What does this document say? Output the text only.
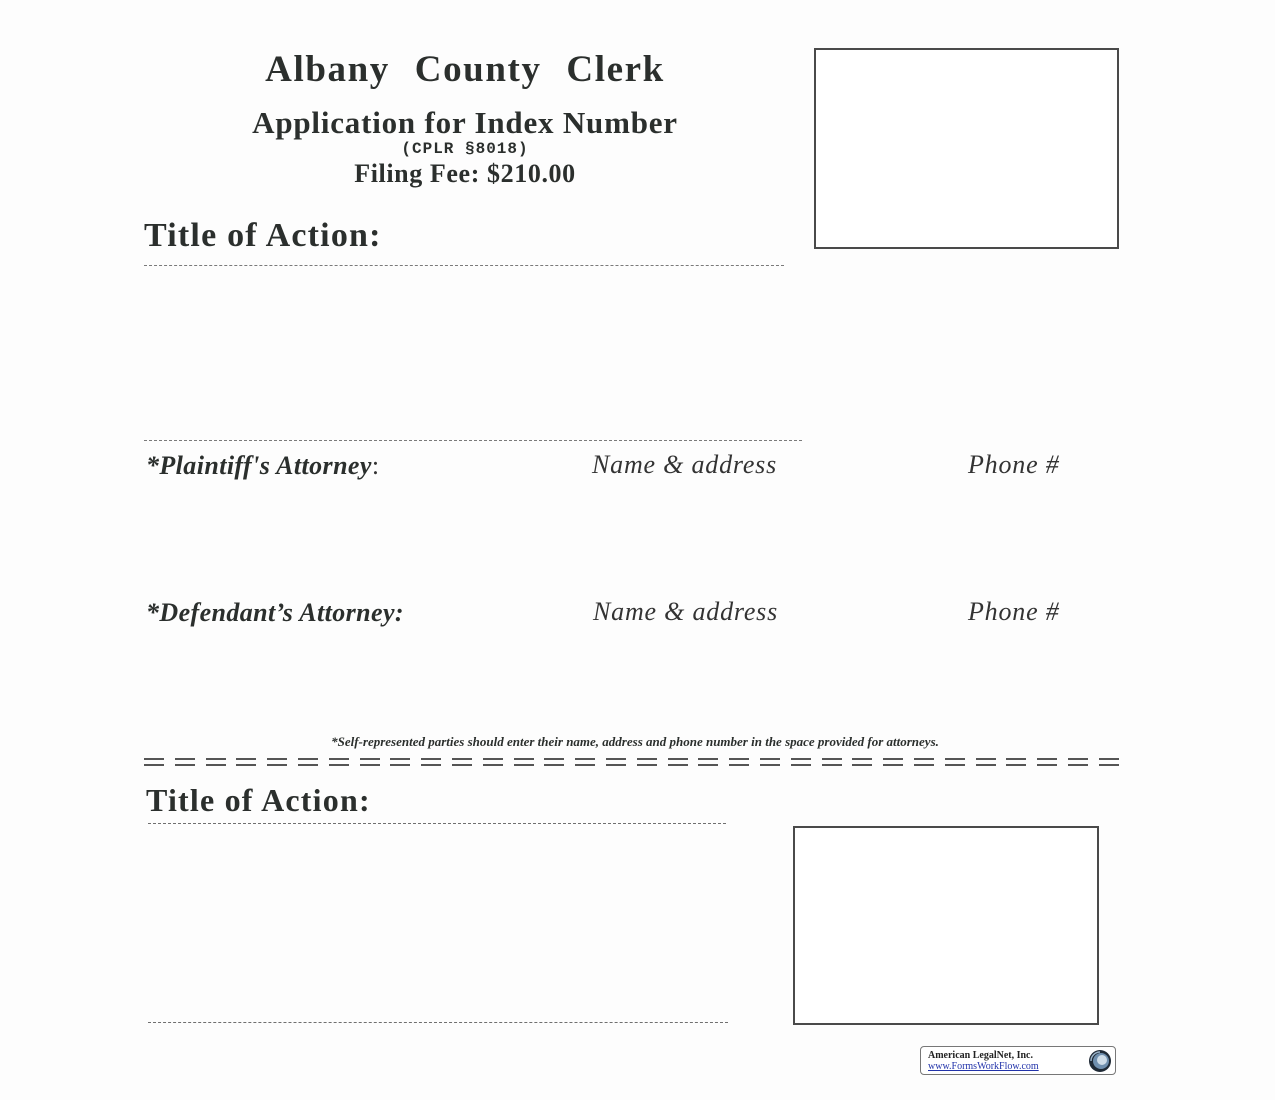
Albany County Clerk
Application for Index Number
(CPLR §8018)
Filing Fee: $210.00
Title of Action:
*Plaintiff's Attorney:	Name & address	Phone #
*Defendant’s Attorney:	Name & address	Phone #
*Self-represented parties should enter their name, address and phone number in the space provided for attorneys.
Title of Action:
American LegalNet, Inc.
www.FormsWorkFlow.com
